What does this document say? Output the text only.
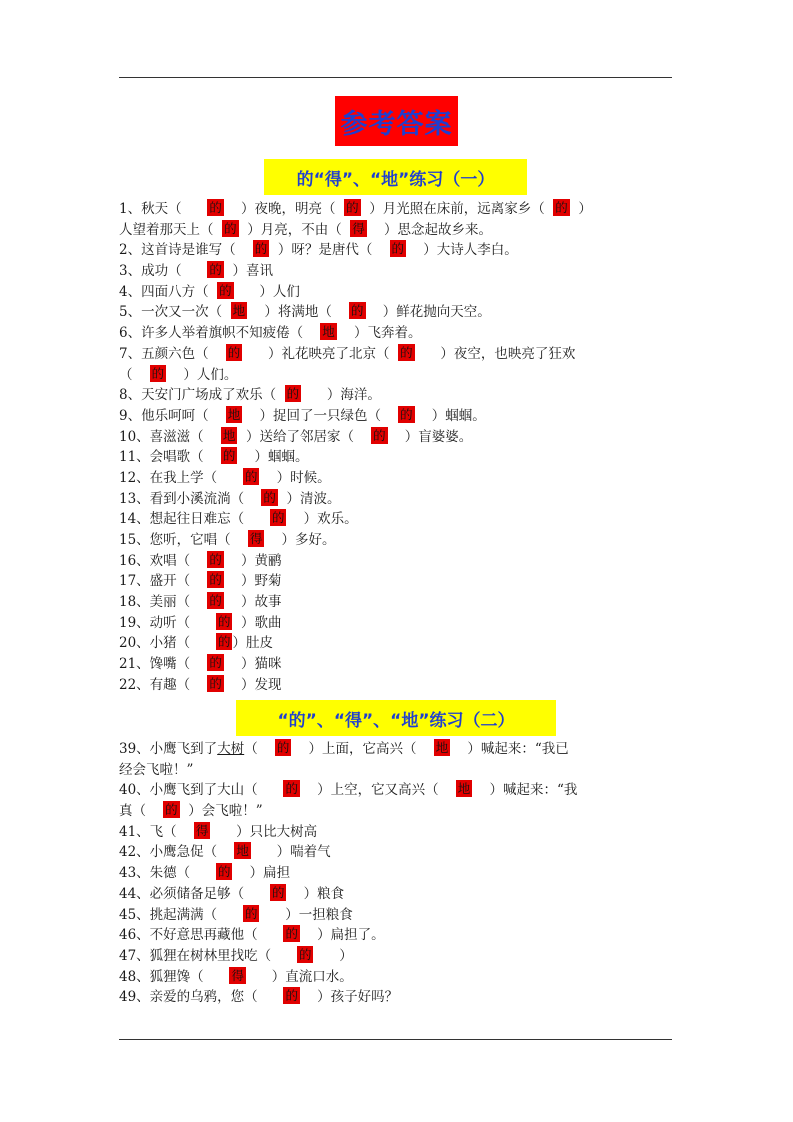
参考答案
的“得”、“地”练习（一）
1、秋天（      的    ）夜晚，明亮（  的  ）月光照在床前，远离家乡（  的  ）
人望着那天上（  的  ）月亮，不由（  得    ）思念起故乡来。
2、这首诗是谁写（    的  ）呀？是唐代（    的    ）大诗人李白。
3、成功（      的  ）喜讯
4、四面八方（  的      ）人们
5、一次又一次（  地    ）将满地（    的    ）鲜花抛向天空。
6、许多人举着旗帜不知疲倦（    地    ）飞奔着。
7、五颜六色（    的      ）礼花映亮了北京（  的      ）夜空，也映亮了狂欢
（    的    ）人们。
8、天安门广场成了欢乐（  的      ）海洋。
9、他乐呵呵（    地    ）捉回了一只绿色（    的    ）蝈蝈。
10、喜滋滋（    地  ）送给了邻居家（    的    ）盲婆婆。
11、会唱歌（    的    ）蝈蝈。
12、在我上学（      的    ）时候。
13、看到小溪流淌（    的  ）清波。
14、想起往日难忘（      的    ）欢乐。
15、您听，它唱（    得    ）多好。
16、欢唱（    的    ）黄鹂
17、盛开（    的    ）野菊
18、美丽（    的    ）故事
19、动听（      的  ）歌曲
20、小猪（      的 ）肚皮
21、馋嘴（    的    ）猫咪
22、有趣（    的    ）发现
“的”、“得”、“地”练习（二）
39、小鹰飞到了大树（    的    ）上面，它高兴（    地    ）喊起来：“我已
经会飞啦！”
40、小鹰飞到了大山（      的    ）上空，它又高兴（    地    ）喊起来：“我
真（    的  ）会飞啦！”
41、飞（    得      ）只比大树高
42、小鹰急促（    地      ）喘着气
43、朱德（      的    ）扁担
44、必须储备足够（      的    ）粮食
45、挑起满满（      的      ）一担粮食
46、不好意思再藏他（      的    ）扁担了。
47、狐狸在树林里找吃（      的      ）
48、狐狸馋（      得      ）直流口水。
49、亲爱的乌鸦，您（      的    ）孩子好吗？
